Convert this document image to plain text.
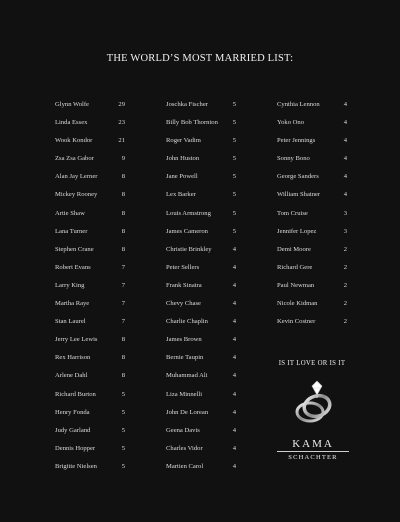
THE WORLD’S MOST MARRIED LIST:
Glynn Wolfe	29
Linda Essex	23
Wook Kondor	21
Zsa Zsa Gabor	9
Alan Jay Lerner	8
Mickey Rooney	8
Artie Shaw	8
Lana Turner	8
Stephen Crane	8
Robert Evans	7
Larry King	7
Martha Raye	7
Stan Laurel	7
Jerry Lee Lewis	8
Rex Harrison	8
Arlene Dahl	8
Richard Burton	5
Henry Fonda	5
Judy Garland	5
Dennis Hopper	5
Brigitte Nielsen	5
Joschka Fischer	5
Billy Bob Thornton 5
Roger Vadim	5
John Huston	5
Jane Powell	5
Lex Barker	5
Louis Armstrong	5
James Cameron	5
Christie Brinkley	4
Peter Sellers	4
Frank Sinatra	4
Chevy Chase	4
Charlie Chaplin	4
James Brown	4
Bernie Taupin	4
Muhammad Ali	4
Liza Minnelli	4
John De Lorean	4
Geena Davis	4
Charles Vidor	4
Martien Carol	4
Cynthia Lennon	4
Yoko Ono	4
Peter Jennings	4
Sonny Bono	4
George Sanders	4
William Shatner	4
Tom Cruise	3
Jennifer Lopez	3
Demi Moore	2
Richard Gere	2
Paul Newman	2
Nicole Kidman	2
Kevin Costner	2
IS IT LOVE OR IS IT
KAMA
SCHACHTER
